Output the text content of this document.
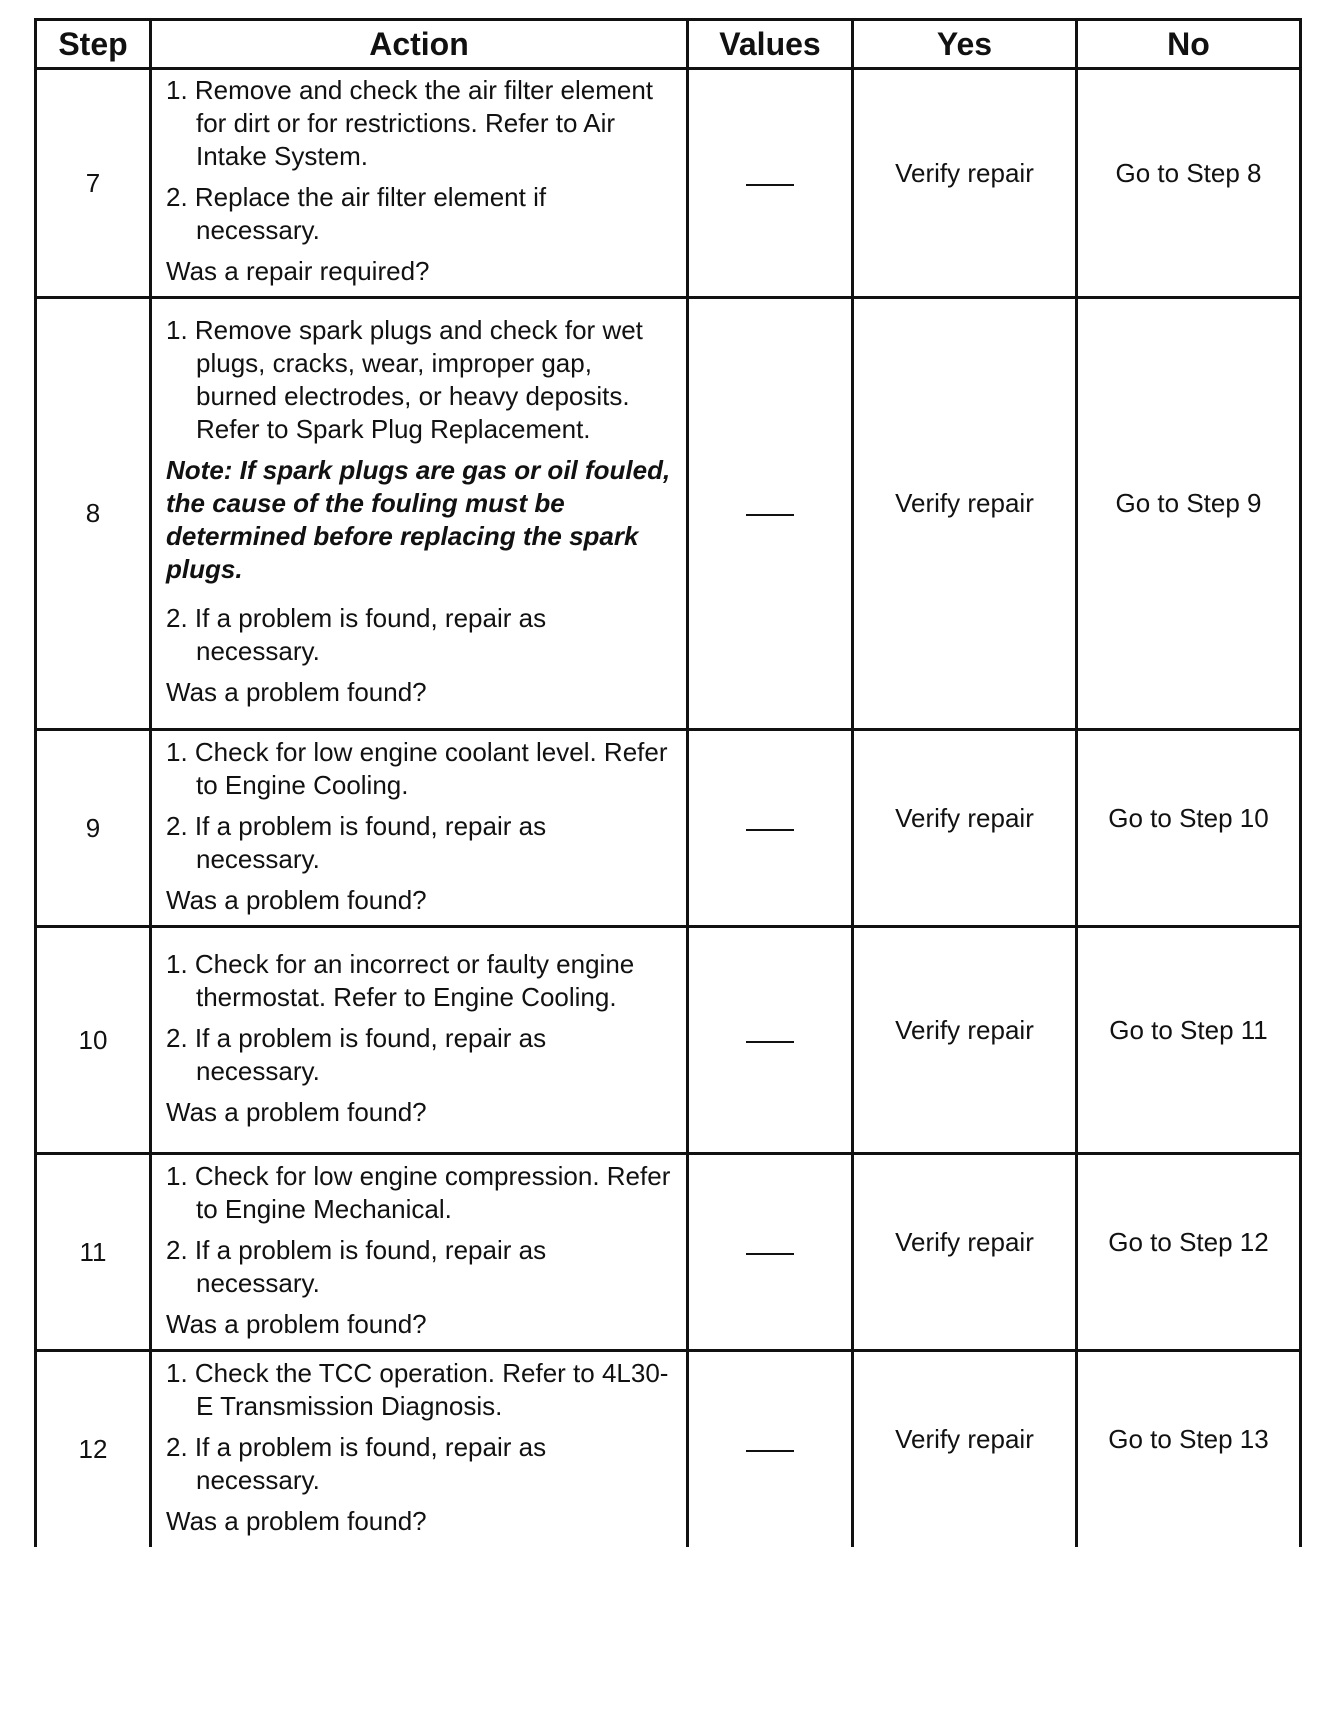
Step	Action	Values	Yes	No
7	1. Remove and check the air filter element for dirt or for restrictions. Refer to Air Intake System.
2. Replace the air filter element if necessary.
Was a repair required?		Verify repair	Go to Step 8
8	1. Remove spark plugs and check for wet plugs, cracks, wear, improper gap, burned electrodes, or heavy deposits. Refer to Spark Plug Replacement.
Note: If spark plugs are gas or oil fouled, the cause of the fouling must be determined before replacing the spark plugs.
2. If a problem is found, repair as necessary.
Was a problem found?		Verify repair	Go to Step 9
9	1. Check for low engine coolant level. Refer to Engine Cooling.
2. If a problem is found, repair as necessary.
Was a problem found?		Verify repair	Go to Step 10
10	1. Check for an incorrect or faulty engine thermostat. Refer to Engine Cooling.
2. If a problem is found, repair as necessary.
Was a problem found?		Verify repair	Go to Step 11
11	1. Check for low engine compression. Refer to Engine Mechanical.
2. If a problem is found, repair as necessary.
Was a problem found?		Verify repair	Go to Step 12
12	1. Check the TCC operation. Refer to 4L30-E Transmission Diagnosis.
2. If a problem is found, repair as necessary.
Was a problem found?		Verify repair	Go to Step 13
